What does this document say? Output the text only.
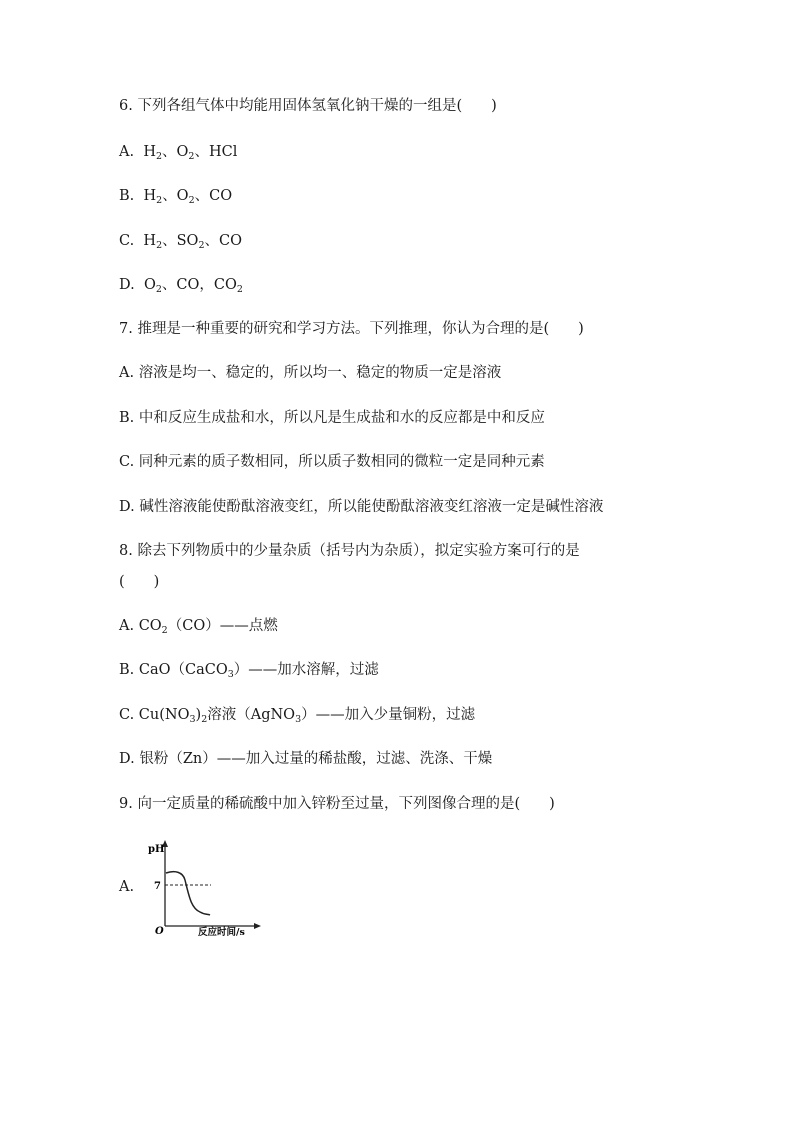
6. 下列各组气体中均能用固体氢氧化钠干燥的一组是(　　)
A. $H_2$、$O_2$、HCl
B. $H_2$、$O_2$、CO
C. $H_2$、$SO_2$、CO
D. $O_2$、CO，$CO_2$
7. 推理是一种重要的研究和学习方法。下列推理，你认为合理的是(　　)
A. 溶液是均一、稳定的，所以均一、稳定的物质一定是溶液
B. 中和反应生成盐和水，所以凡是生成盐和水的反应都是中和反应
C. 同种元素的质子数相同，所以质子数相同的微粒一定是同种元素
D. 碱性溶液能使酚酞溶液变红，所以能使酚酞溶液变红溶液一定是碱性溶液
8. 除去下列物质中的少量杂质（括号内为杂质），拟定实验方案可行的是
(　　)
A. $CO_2(CO)——$点燃
B. CaO（CaCO$_3$）——加水溶解，过滤
C. $Cu(NO_3)_2$溶液（AgNO$_3$）——加入少量铜粉，过滤
D. 银粉（Zn）——加入过量的稀盐酸，过滤、洗涤、干燥
9. 向一定质量的稀硫酸中加入锌粉至过量，下列图像合理的是(　　)
A.
pH
7
O	反应时间/s
